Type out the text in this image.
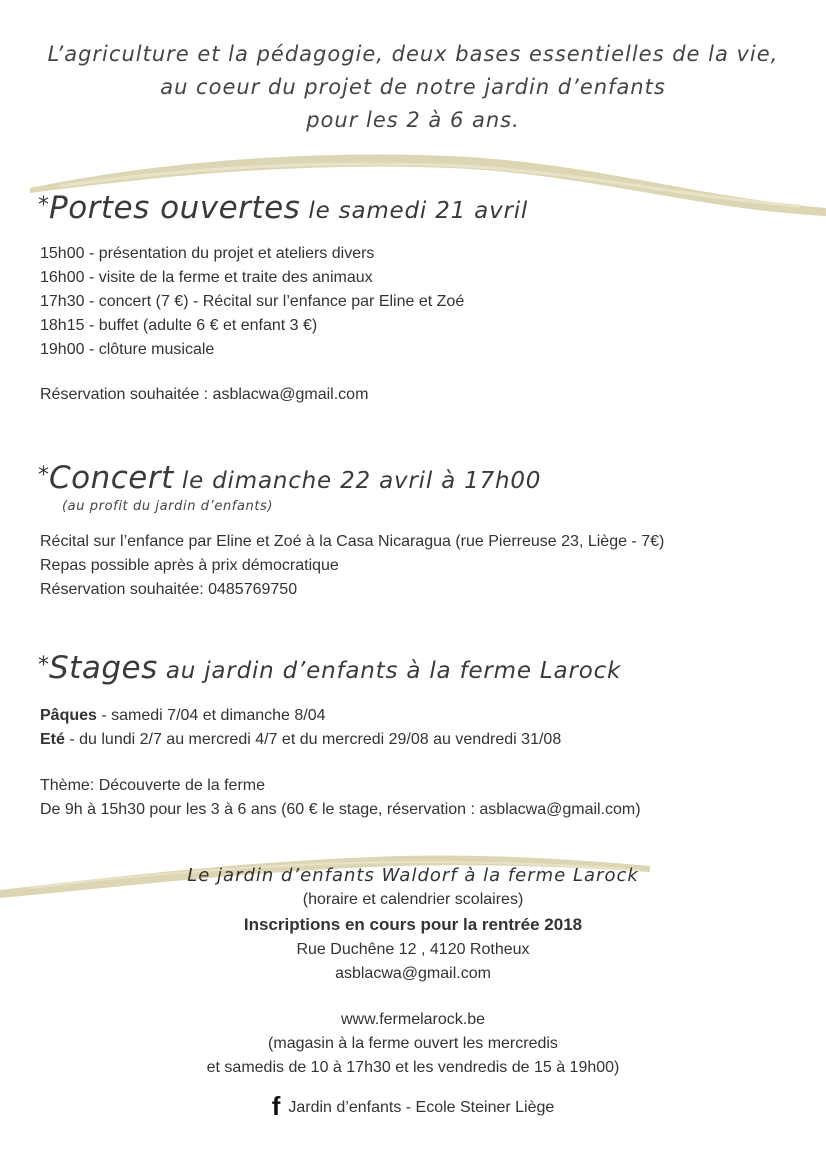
L’agriculture et la pédagogie, deux bases essentielles de la vie,
au coeur du projet de notre jardin d’enfants
pour les 2 à 6 ans.
*Portes ouvertes le samedi 21 avril
15h00 - présentation du projet et ateliers divers
16h00 - visite de la ferme et traite des animaux
17h30 - concert (7 €) - Récital sur l’enfance par Eline et Zoé
18h15 - buffet (adulte 6 € et enfant 3 €)
19h00 - clôture musicale
Réservation souhaitée : asblacwa@gmail.com
*Concert le dimanche 22 avril à 17h00
(au profit du jardin d’enfants)
Récital sur l’enfance par Eline et Zoé à la Casa Nicaragua (rue Pierreuse 23, Liège - 7€)
Repas possible après à prix démocratique
Réservation souhaitée: 0485769750
*Stages au jardin d’enfants à la ferme Larock
Pâques - samedi 7/04 et dimanche 8/04
Eté - du lundi 2/7 au mercredi 4/7 et du mercredi 29/08 au vendredi 31/08
Thème: Découverte de la ferme
De 9h à 15h30 pour les 3 à 6 ans (60 € le stage, réservation : asblacwa@gmail.com)
Le jardin d’enfants Waldorf à la ferme Larock
(horaire et calendrier scolaires)
Inscriptions en cours pour la rentrée 2018
Rue Duchêne 12 , 4120 Rotheux
asblacwa@gmail.com
www.fermelarock.be
(magasin à la ferme ouvert les mercredis
et samedis de 10 à 17h30 et les vendredis de 15 à 19h00)
f Jardin d’enfants - Ecole Steiner Liège
